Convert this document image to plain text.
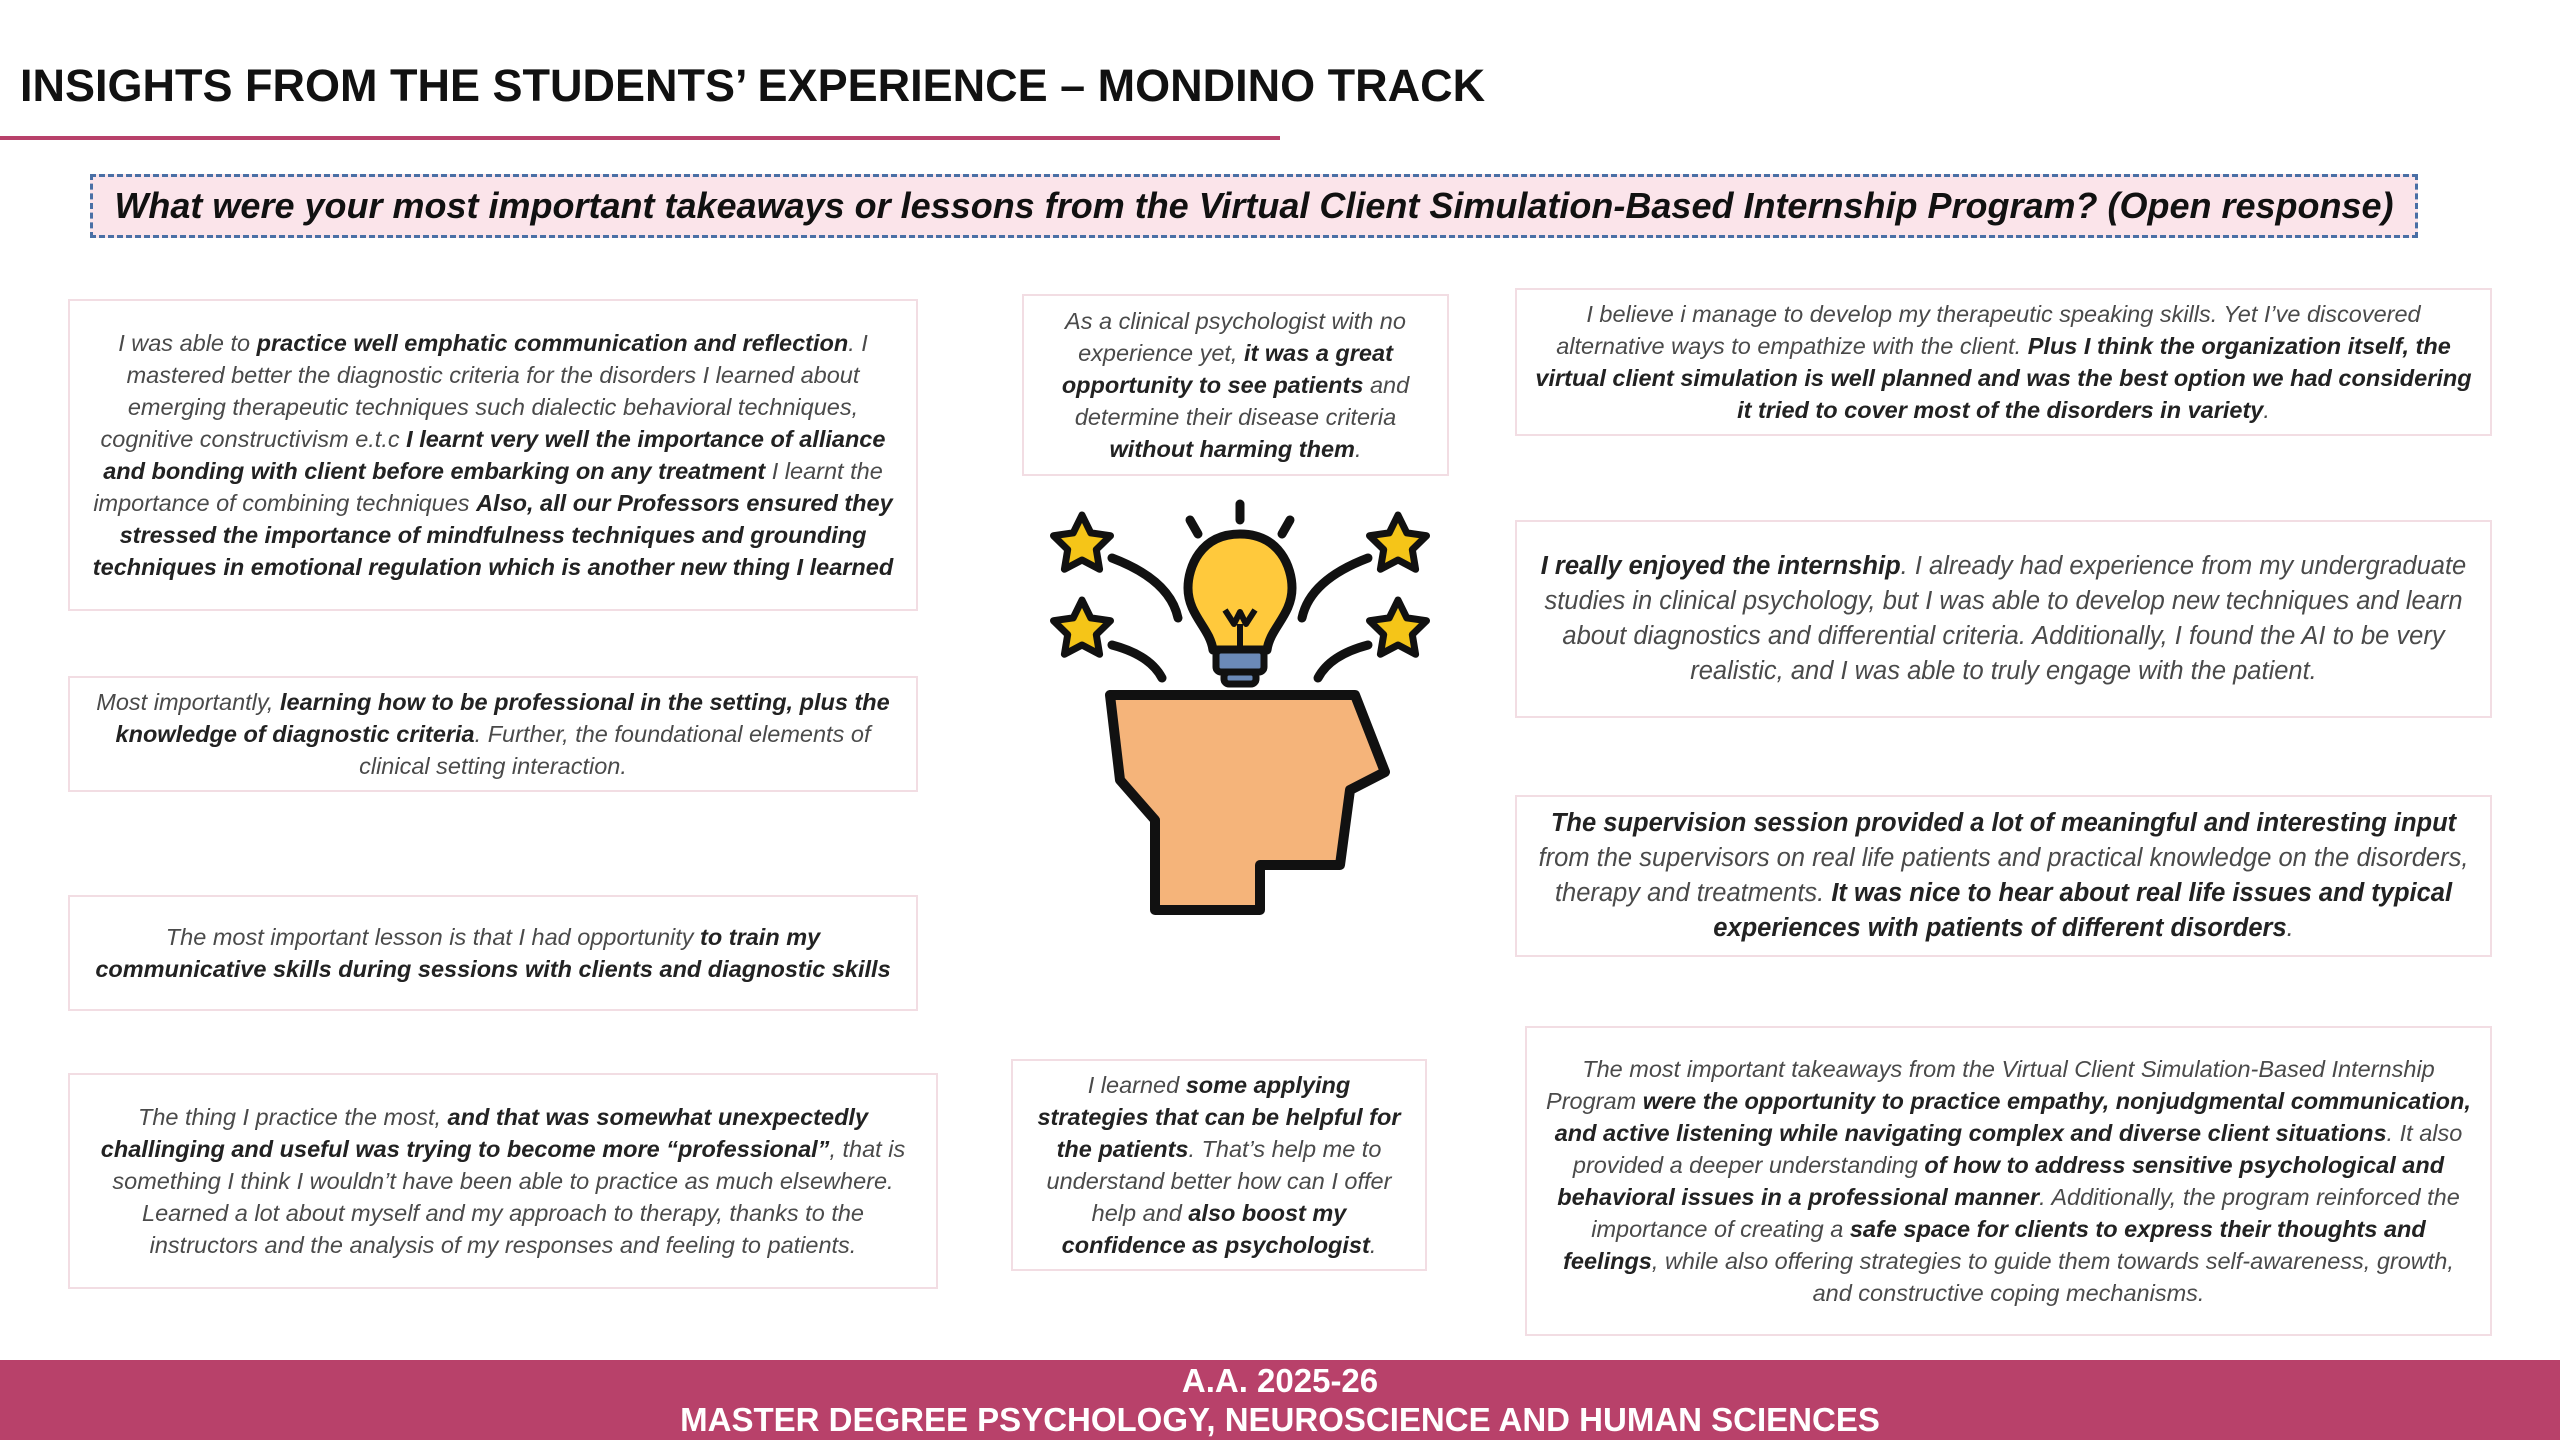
INSIGHTS FROM THE STUDENTS’ EXPERIENCE – MONDINO TRACK
What were your most important takeaways or lessons from the Virtual Client Simulation-Based Internship Program? (Open response)

I was able to practice well emphatic communication and reflection. I mastered better the diagnostic criteria for the disorders I learned about emerging therapeutic techniques such dialectic behavioral techniques, cognitive constructivism e.t.c I learnt very well the importance of alliance and bonding with client before embarking on any treatment I learnt the importance of combining techniques Also, all our Professors ensured they stressed the importance of mindfulness techniques and grounding techniques in emotional regulation which is another new thing I learned

Most importantly, learning how to be professional in the setting, plus the knowledge of diagnostic criteria. Further, the foundational elements of clinical setting interaction.

The most important lesson is that I had opportunity to train my communicative skills during sessions with clients and diagnostic skills

The thing I practice the most, and that was somewhat unexpectedly challinging and useful was trying to become more “professional”, that is something I think I wouldn’t have been able to practice as much elsewhere. Learned a lot about myself and my approach to therapy, thanks to the instructors and the analysis of my responses and feeling to patients.

As a clinical psychologist with no experience yet, it was a great opportunity to see patients and determine their disease criteria without harming them.

I learned some applying strategies that can be helpful for the patients. That’s help me to understand better how can I offer help and also boost my confidence as psychologist.

I believe i manage to develop my therapeutic speaking skills. Yet I’ve discovered alternative ways to empathize with the client. Plus I think the organization itself, the virtual client simulation is well planned and was the best option we had considering it tried to cover most of the disorders in variety.

I really enjoyed the internship. I already had experience from my undergraduate studies in clinical psychology, but I was able to develop new techniques and learn about diagnostics and differential criteria. Additionally, I found the AI to be very realistic, and I was able to truly engage with the patient.

The supervision session provided a lot of meaningful and interesting input from the supervisors on real life patients and practical knowledge on the disorders, therapy and treatments. It was nice to hear about real life issues and typical experiences with patients of different disorders.

The most important takeaways from the Virtual Client Simulation-Based Internship Program were the opportunity to practice empathy, nonjudgmental communication, and active listening while navigating complex and diverse client situations. It also provided a deeper understanding of how to address sensitive psychological and behavioral issues in a professional manner. Additionally, the program reinforced the importance of creating a safe space for clients to express their thoughts and feelings, while also offering strategies to guide them towards self-awareness, growth, and constructive coping mechanisms.

A.A. 2025-26
MASTER DEGREE PSYCHOLOGY, NEUROSCIENCE AND HUMAN SCIENCES
